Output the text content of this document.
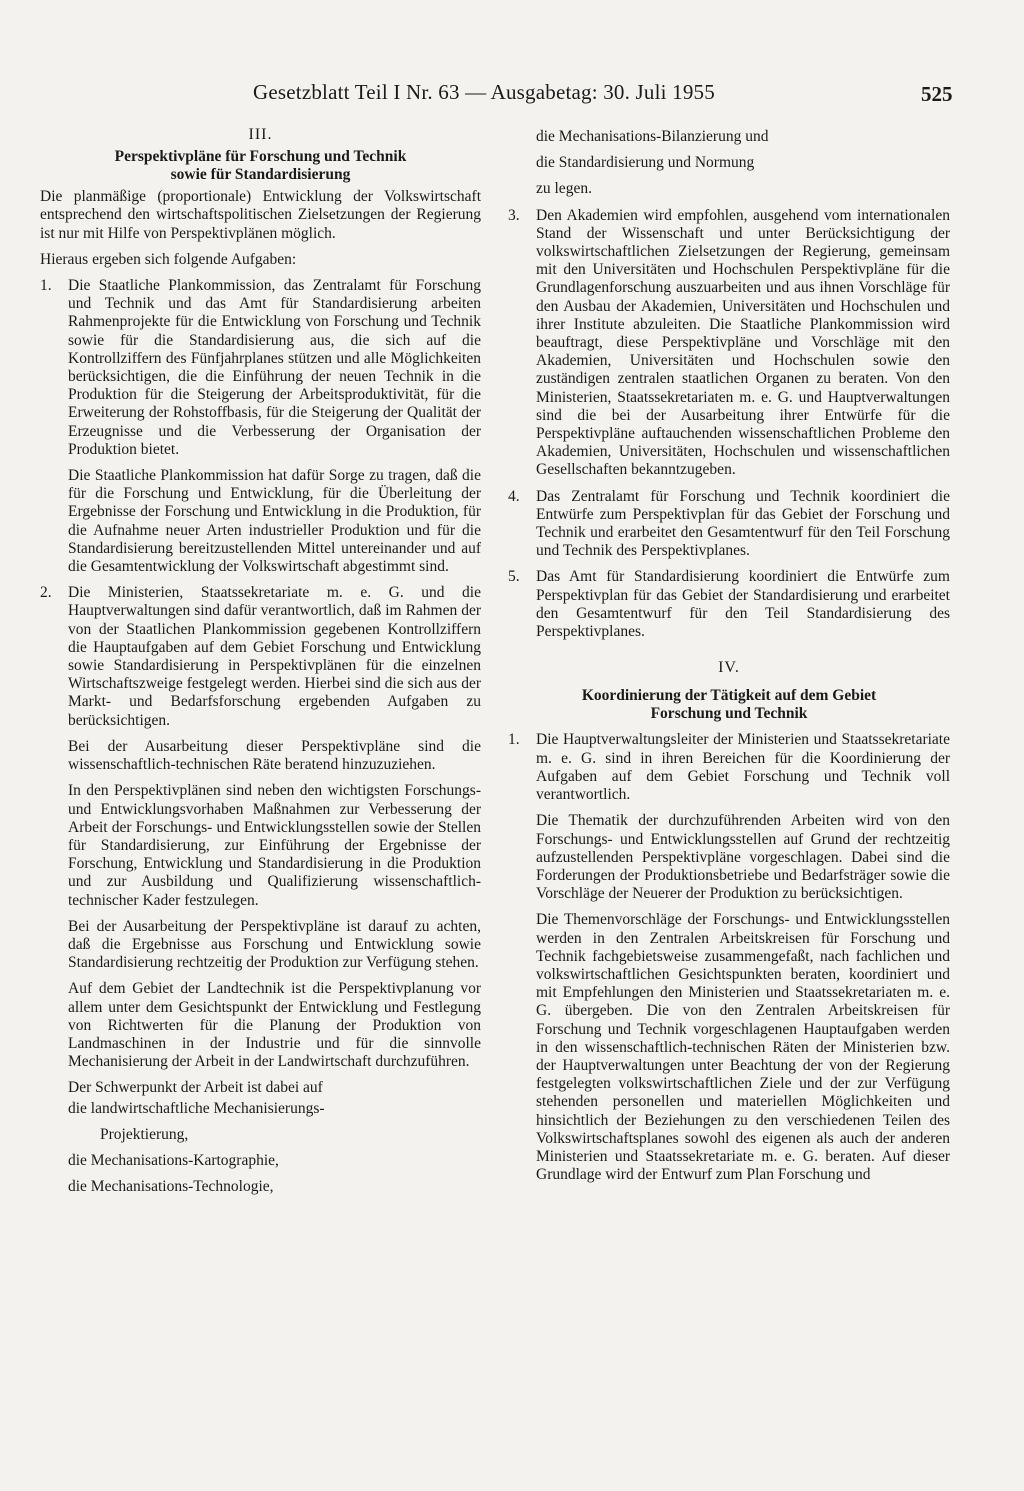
Gesetzblatt Teil I Nr. 63 — Ausgabetag: 30. Juli 1955	525
III.
Perspektivpläne für Forschung und Technik
sowie für Standardisierung

Die planmäßige (proportionale) Entwicklung der Volkswirtschaft entsprechend den wirtschaftspolitischen Zielsetzungen der Regierung ist nur mit Hilfe von Perspektivplänen möglich.

Hieraus ergeben sich folgende Aufgaben:

1. Die Staatliche Plankommission, das Zentralamt für Forschung und Technik und das Amt für Standardisierung arbeiten Rahmenprojekte für die Entwicklung von Forschung und Technik sowie für die Standardisierung aus, die sich auf die Kontrollziffern des Fünfjahrplanes stützen und alle Möglichkeiten berücksichtigen, die die Einführung der neuen Technik in die Produktion für die Steigerung der Arbeitsproduktivität, für die Erweiterung der Rohstoffbasis, für die Steigerung der Qualität der Erzeugnisse und die Verbesserung der Organisation der Produktion bietet.

Die Staatliche Plankommission hat dafür Sorge zu tragen, daß die für die Forschung und Entwicklung, für die Überleitung der Ergebnisse der Forschung und Entwicklung in die Produktion, für die Aufnahme neuer Arten industrieller Produktion und für die Standardisierung bereitzustellenden Mittel untereinander und auf die Gesamtentwicklung der Volkswirtschaft abgestimmt sind.

2. Die Ministerien, Staatssekretariate m. e. G. und die Hauptverwaltungen sind dafür verantwortlich, daß im Rahmen der von der Staatlichen Plankommission gegebenen Kontrollziffern die Hauptaufgaben auf dem Gebiet Forschung und Entwicklung sowie Standardisierung in Perspektivplänen für die einzelnen Wirtschaftszweige festgelegt werden. Hierbei sind die sich aus der Markt- und Bedarfsforschung ergebenden Aufgaben zu berücksichtigen.

Bei der Ausarbeitung dieser Perspektivpläne sind die wissenschaftlich-technischen Räte beratend hinzuzuziehen.

In den Perspektivplänen sind neben den wichtigsten Forschungs- und Entwicklungsvorhaben Maßnahmen zur Verbesserung der Arbeit der Forschungs- und Entwicklungsstellen sowie der Stellen für Standardisierung, zur Einführung der Ergebnisse der Forschung, Entwicklung und Standardisierung in die Produktion und zur Ausbildung und Qualifizierung wissenschaftlich-technischer Kader festzulegen.

Bei der Ausarbeitung der Perspektivpläne ist darauf zu achten, daß die Ergebnisse aus Forschung und Entwicklung sowie Standardisierung rechtzeitig der Produktion zur Verfügung stehen.

Auf dem Gebiet der Landtechnik ist die Perspektivplanung vor allem unter dem Gesichtspunkt der Entwicklung und Festlegung von Richtwerten für die Planung der Produktion von Landmaschinen in der Industrie und für die sinnvolle Mechanisierung der Arbeit in der Landwirtschaft durchzuführen.

Der Schwerpunkt der Arbeit ist dabei auf

die landwirtschaftliche Mechanisierungs-

Projektierung,

die Mechanisations-Kartographie,

die Mechanisations-Technologie,

die Mechanisations-Bilanzierung und

die Standardisierung und Normung

zu legen.

3. Den Akademien wird empfohlen, ausgehend vom internationalen Stand der Wissenschaft und unter Berücksichtigung der volkswirtschaftlichen Zielsetzungen der Regierung, gemeinsam mit den Universitäten und Hochschulen Perspektivpläne für die Grundlagenforschung auszuarbeiten und aus ihnen Vorschläge für den Ausbau der Akademien, Universitäten und Hochschulen und ihrer Institute abzuleiten. Die Staatliche Plankommission wird beauftragt, diese Perspektivpläne und Vorschläge mit den Akademien, Universitäten und Hochschulen sowie den zuständigen zentralen staatlichen Organen zu beraten. Von den Ministerien, Staatssekretariaten m. e. G. und Hauptverwaltungen sind die bei der Ausarbeitung ihrer Entwürfe für die Perspektivpläne auftauchenden wissenschaftlichen Probleme den Akademien, Universitäten, Hochschulen und wissenschaftlichen Gesellschaften bekanntzugeben.
4. Das Zentralamt für Forschung und Technik koordiniert die Entwürfe zum Perspektivplan für das Gebiet der Forschung und Technik und erarbeitet den Gesamtentwurf für den Teil Forschung und Technik des Perspektivplanes.
5. Das Amt für Standardisierung koordiniert die Entwürfe zum Perspektivplan für das Gebiet der Standardisierung und erarbeitet den Gesamtentwurf für den Teil Standardisierung des Perspektivplanes.
IV.
Koordinierung der Tätigkeit auf dem Gebiet
Forschung und Technik
1. Die Hauptverwaltungsleiter der Ministerien und Staatssekretariate m. e. G. sind in ihren Bereichen für die Koordinierung der Aufgaben auf dem Gebiet Forschung und Technik voll verantwortlich.

Die Thematik der durchzuführenden Arbeiten wird von den Forschungs- und Entwicklungsstellen auf Grund der rechtzeitig aufzustellenden Perspektivpläne vorgeschlagen. Dabei sind die Forderungen der Produktionsbetriebe und Bedarfsträger sowie die Vorschläge der Neuerer der Produktion zu berücksichtigen.

Die Themenvorschläge der Forschungs- und Entwicklungsstellen werden in den Zentralen Arbeitskreisen für Forschung und Technik fachgebietsweise zusammengefaßt, nach fachlichen und volkswirtschaftlichen Gesichtspunkten beraten, koordiniert und mit Empfehlungen den Ministerien und Staatssekretariaten m. e. G. übergeben. Die von den Zentralen Arbeitskreisen für Forschung und Technik vorgeschlagenen Hauptaufgaben werden in den wissenschaftlich-technischen Räten der Ministerien bzw. der Hauptverwaltungen unter Beachtung der von der Regierung festgelegten volkswirtschaftlichen Ziele und der zur Verfügung stehenden personellen und materiellen Möglichkeiten und hinsichtlich der Beziehungen zu den verschiedenen Teilen des Volkswirtschaftsplanes sowohl des eigenen als auch der anderen Ministerien und Staatssekretariate m. e. G. beraten. Auf dieser Grundlage wird der Entwurf zum Plan Forschung und
